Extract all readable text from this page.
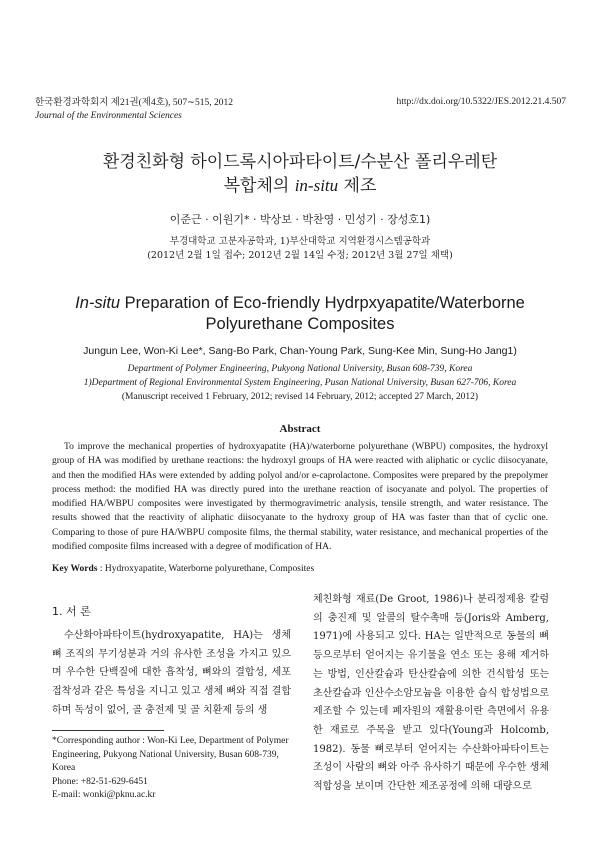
한국환경과학회지 제21권(제4호), 507∼515, 2012
Journal of the Environmental Sciences
http://dx.doi.org/10.5322/JES.2012.21.4.507
환경친화형 하이드록시아파타이트/수분산 폴리우레탄
복합체의 in-situ 제조
이준근 · 이원기* · 박상보 · 박찬영 · 민성기 · 장성호1)
부경대학교 고분자공학과, 1)부산대학교 지역환경시스템공학과
(2012년 2월 1일 접수; 2012년 2월 14일 수정; 2012년 3월 27일 채택)
In-situ Preparation of Eco-friendly Hydrpxyapatite/Waterborne
Polyurethane Composites
Jungun Lee, Won-Ki Lee*, Sang-Bo Park, Chan-Young Park, Sung-Kee Min, Sung-Ho Jang1)
Department of Polymer Engineering, Pukyong National University, Busan 608-739, Korea
1)Department of Regional Environmental System Engineering, Pusan National University, Busan 627-706, Korea
(Manuscript received 1 February, 2012; revised 14 February, 2012; accepted 27 March, 2012)
Abstract
To improve the mechanical properties of hydroxyapatite (HA)/waterborne polyurethane (WBPU) composites, the hydroxyl group of HA was modified by urethane reactions: the hydroxyl groups of HA were reacted with aliphatic or cyclic diisocyanate, and then the modified HAs were extended by adding polyol and/or e-caprolactone. Composites were prepared by the prepolymer process method: the modified HA was directly pured into the urethane reaction of isocyanate and polyol. The properties of modified HA/WBPU composites were investigated by thermogravimetric analysis, tensile strength, and water resistance. The results showed that the reactivity of aliphatic diisocyanate to the hydroxy group of HA was faster than that of cyclic one. Comparing to those of pure HA/WBPU composite films, the thermal stability, water resistance, and mechanical properties of the modified composite films increased with a degree of modification of HA.
Key Words : Hydroxyapatite, Waterborne polyurethane, Composites
1. 서 론
수산화아파타이트(hydroxyapatite, HA)는 생체 뼈 조직의 무기성분과 거의 유사한 조성을 가지고 있으며 우수한 단백질에 대한 흡착성, 뼈와의 결합성, 세포 접착성과 같은 특성을 지니고 있고 생체 뼈와 직접 결합하며 독성이 없어, 골 충전제 및 골 치환제 등의 생
체친화형 재료(De Groot, 1986)나 분리정제용 칼럼의 충진제 및 알콜의 탈수촉매 등(Joris와 Amberg, 1971)에 사용되고 있다. HA는 일반적으로 동물의 뼈 등으로부터 얻어지는 유기물을 연소 또는 용해 제거하는 방법, 인산칼슘과 탄산칼슘에 의한 건식합성 또는 초산칼슘과 인산수소암모늄을 이용한 습식 합성법으로 제조할 수 있는데 폐자원의 재활용이란 측면에서 유용한 재료로 주목을 받고 있다(Young과 Holcomb, 1982). 동물 뼈로부터 얻어지는 수산화아파타이트는 조성이 사람의 뼈와 아주 유사하기 때문에 우수한 생체적합성을 보이며 간단한 제조공정에 의해 대량으로

*Corresponding author : Won-Ki Lee, Department of Polymer Engineering, Pukyong National University, Busan 608-739, Korea

Phone: +82-51-629-6451

E-mail: wonki@pknu.ac.kr
